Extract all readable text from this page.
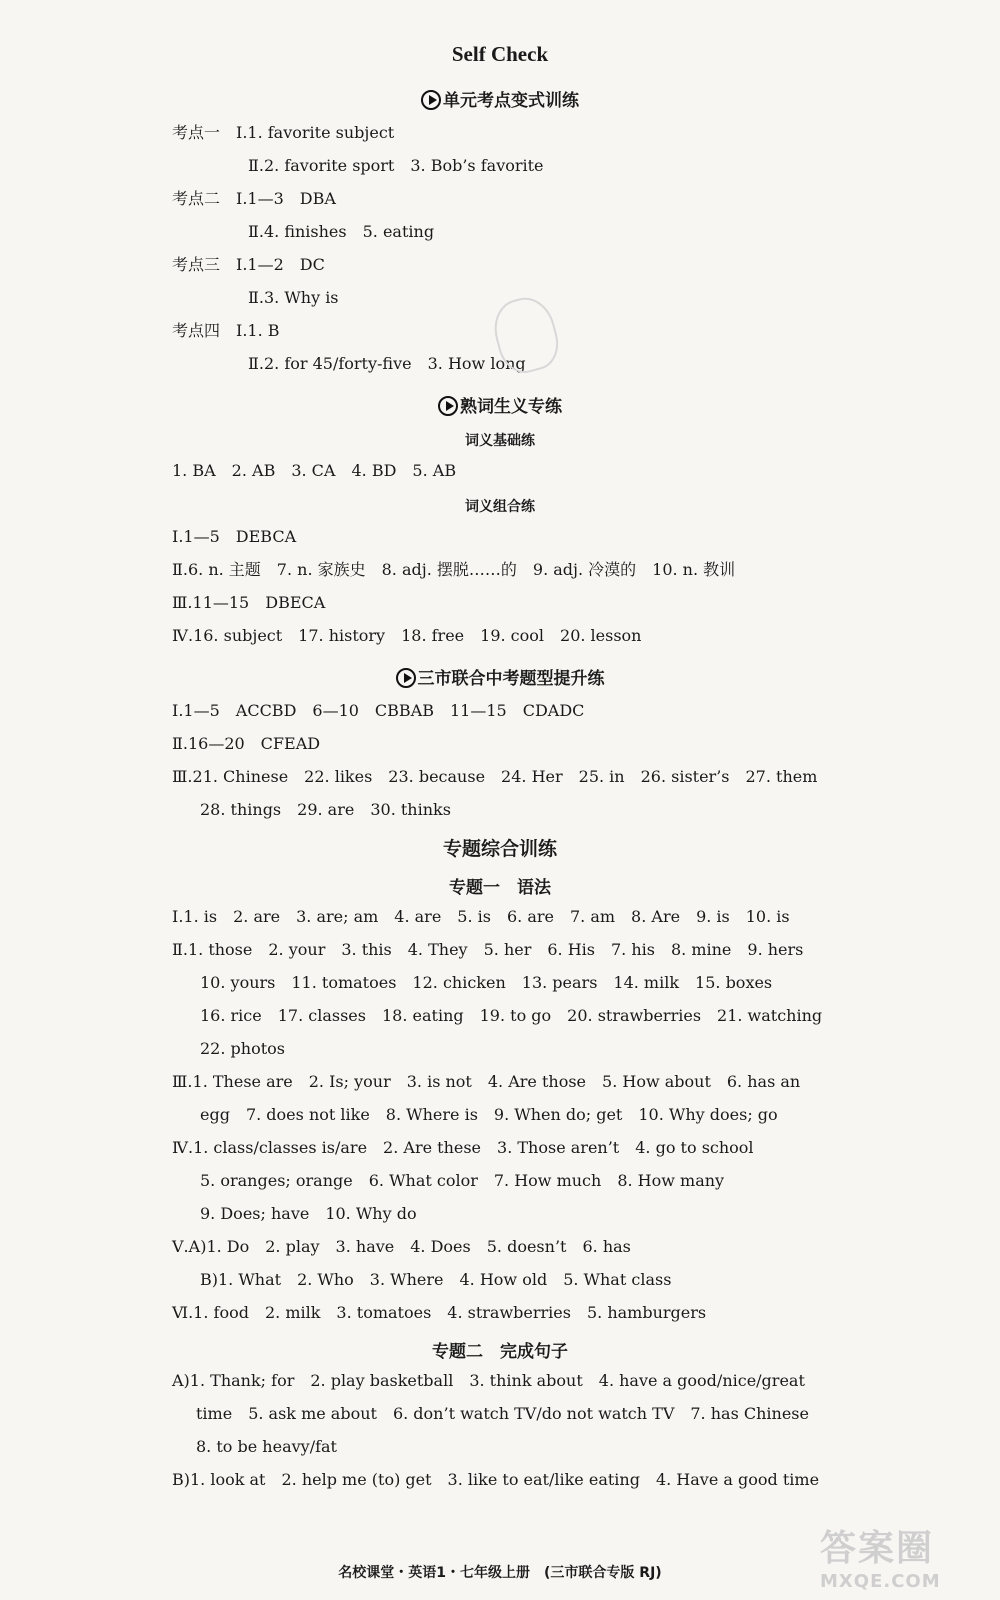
Self Check
单元考点变式训练
考点一　Ⅰ.1. favorite subject
Ⅱ.2. favorite sport　3. Bob’s favorite
考点二　Ⅰ.1—3　DBA
Ⅱ.4. finishes　5. eating
考点三　Ⅰ.1—2　DC
Ⅱ.3. Why is
考点四　Ⅰ.1. B
Ⅱ.2. for 45/forty-five　3. How long
熟词生义专练
词义基础练
1. BA　2. AB　3. CA　4. BD　5. AB
词义组合练
Ⅰ.1—5　DEBCA
Ⅱ.6. n. 主题　7. n. 家族史　8. adj. 摆脱……的　9. adj. 冷漠的　10. n. 教训
Ⅲ.11—15　DBECA
Ⅳ.16. subject　17. history　18. free　19. cool　20. lesson
三市联合中考题型提升练
Ⅰ.1—5　ACCBD　6—10　CBBAB　11—15　CDADC
Ⅱ.16—20　CFEAD
Ⅲ.21. Chinese　22. likes　23. because　24. Her　25. in　26. sister’s　27. them
28. things　29. are　30. thinks
专题综合训练
专题一　语法
Ⅰ.1. is　2. are　3. are; am　4. are　5. is　6. are　7. am　8. Are　9. is　10. is
Ⅱ.1. those　2. your　3. this　4. They　5. her　6. His　7. his　8. mine　9. hers
10. yours　11. tomatoes　12. chicken　13. pears　14. milk　15. boxes
16. rice　17. classes　18. eating　19. to go　20. strawberries　21. watching
22. photos
Ⅲ.1. These are　2. Is; your　3. is not　4. Are those　5. How about　6. has an
egg　7. does not like　8. Where is　9. When do; get　10. Why does; go
Ⅳ.1. class/classes is/are　2. Are these　3. Those aren’t　4. go to school
5. oranges; orange　6. What color　7. How much　8. How many
9. Does; have　10. Why do
Ⅴ.A)1. Do　2. play　3. have　4. Does　5. doesn’t　6. has
B)1. What　2. Who　3. Where　4. How old　5. What class
Ⅵ.1. food　2. milk　3. tomatoes　4. strawberries　5. hamburgers
专题二　完成句子
A)1. Thank; for　2. play basketball　3. think about　4. have a good/nice/great
time　5. ask me about　6. don’t watch TV/do not watch TV　7. has Chinese
8. to be heavy/fat
B)1. look at　2. help me (to) get　3. like to eat/like eating　4. Have a good time
名校课堂・英语1・七年级上册　(三市联合专版 RJ)
答案圈
MXQE.COM
